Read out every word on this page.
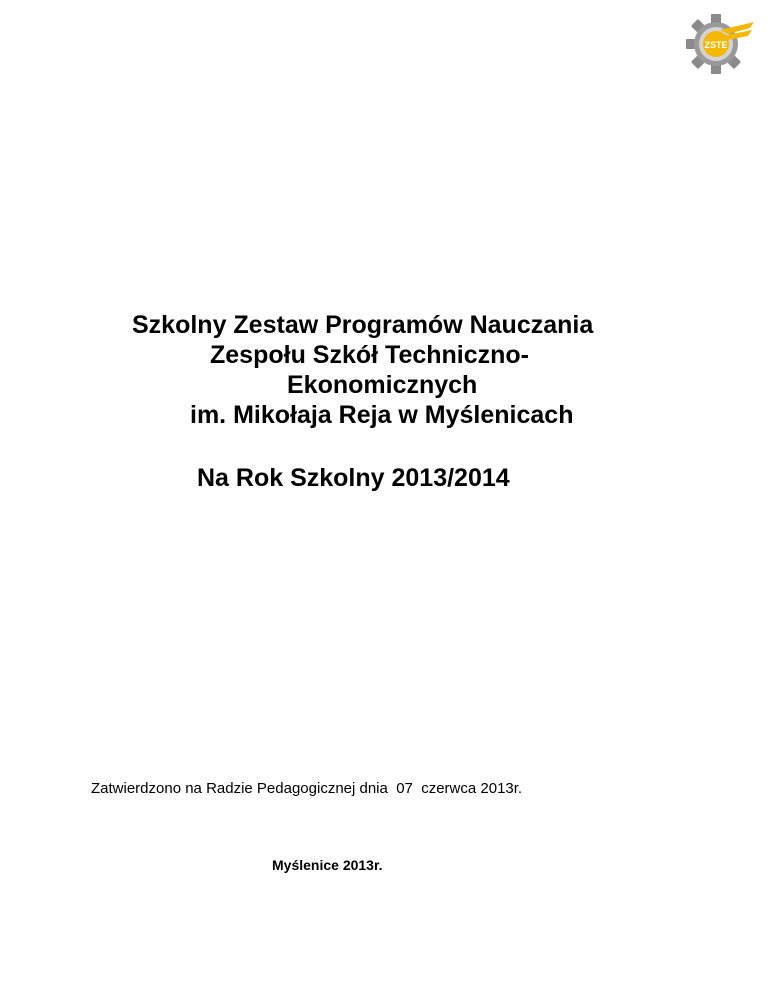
ZSTE
Szkolny Zestaw Programów Nauczania
Zespołu Szkół Techniczno-
Ekonomicznych
im. Mikołaja Reja w Myślenicach
Na Rok Szkolny 2013/2014
Zatwierdzono na Radzie Pedagogicznej dnia  07  czerwca 2013r.
Myślenice 2013r.
